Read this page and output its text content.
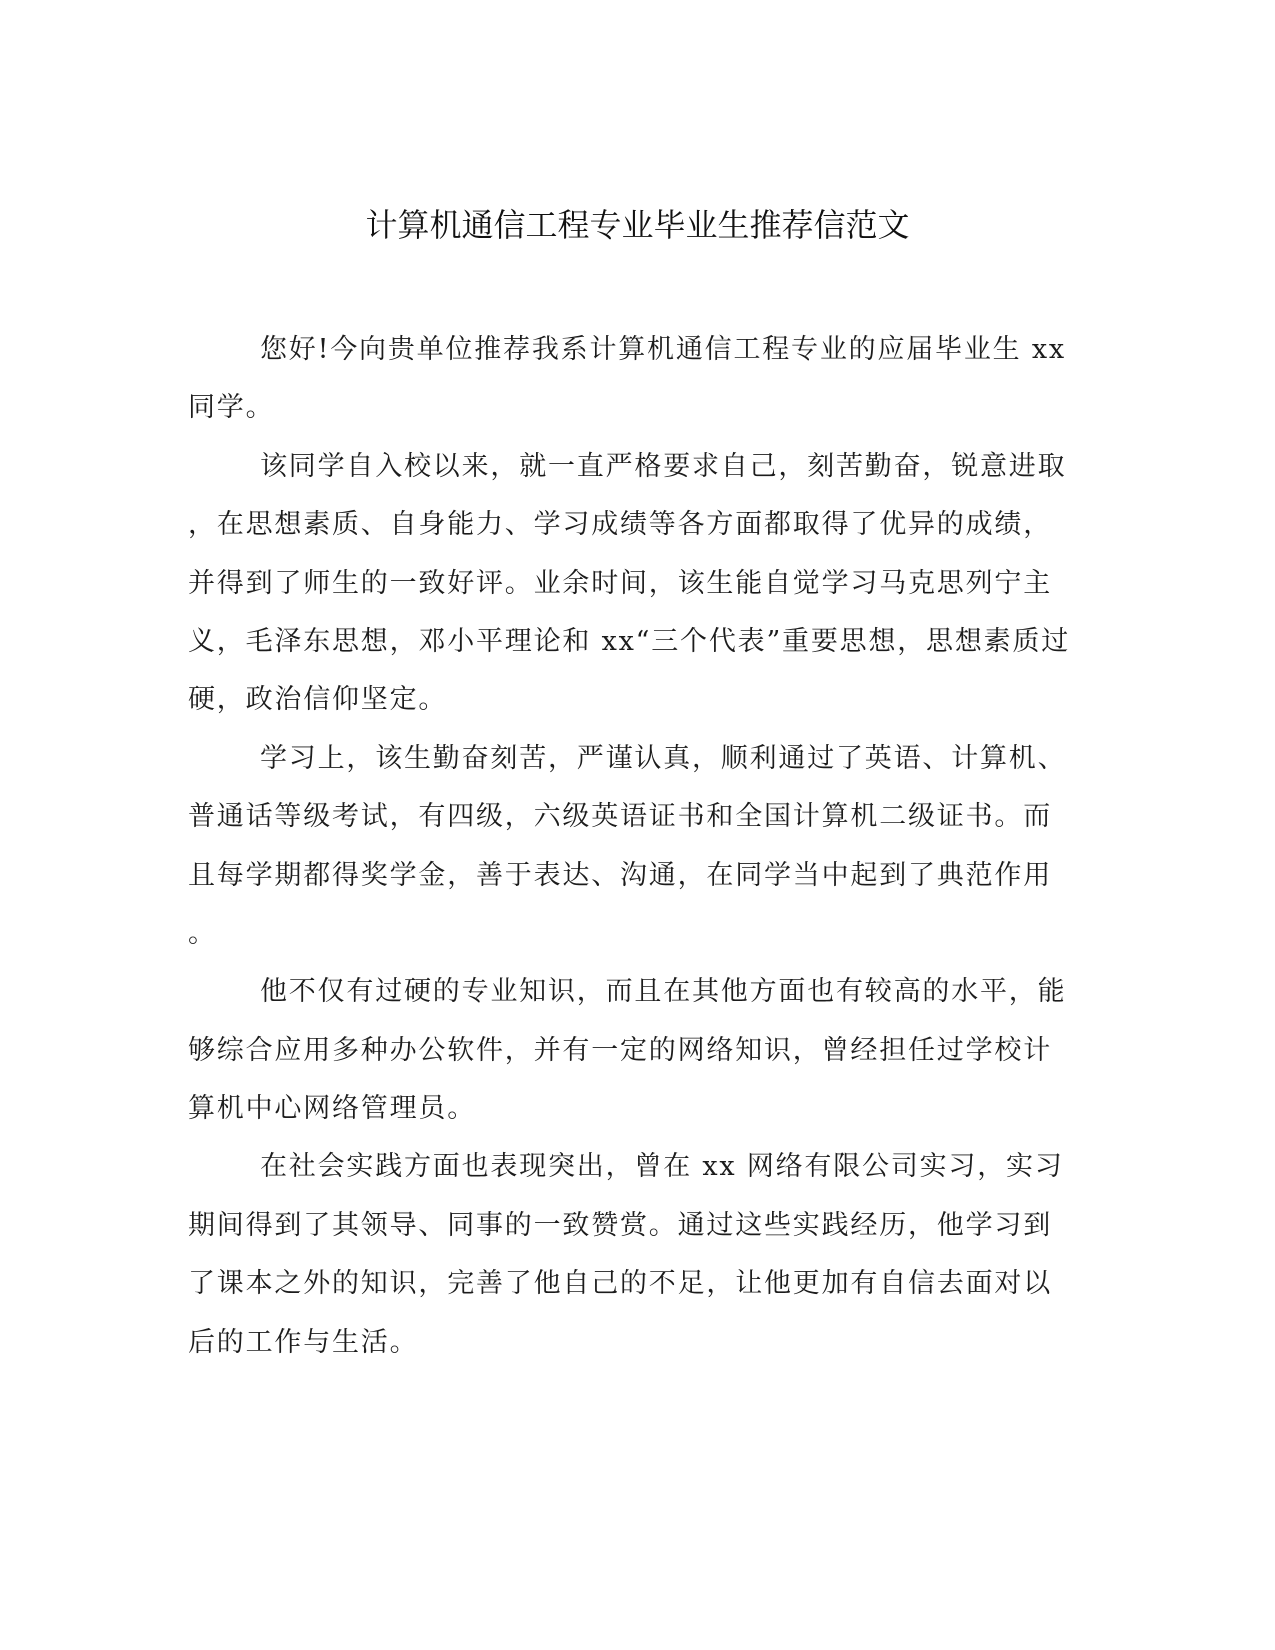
计算机通信工程专业毕业生推荐信范文
您好!今向贵单位推荐我系计算机通信工程专业的应届毕业生 xx
同学。
该同学自入校以来，就一直严格要求自己，刻苦勤奋，锐意进取
，在思想素质、自身能力、学习成绩等各方面都取得了优异的成绩，
并得到了师生的一致好评。业余时间，该生能自觉学习马克思列宁主
义，毛泽东思想，邓小平理论和 xx“三个代表”重要思想，思想素质过
硬，政治信仰坚定。
学习上，该生勤奋刻苦，严谨认真，顺利通过了英语、计算机、
普通话等级考试，有四级，六级英语证书和全国计算机二级证书。而
且每学期都得奖学金，善于表达、沟通，在同学当中起到了典范作用
。
他不仅有过硬的专业知识，而且在其他方面也有较高的水平，能
够综合应用多种办公软件，并有一定的网络知识，曾经担任过学校计
算机中心网络管理员。
在社会实践方面也表现突出，曾在 xx 网络有限公司实习，实习
期间得到了其领导、同事的一致赞赏。通过这些实践经历，他学习到
了课本之外的知识，完善了他自己的不足，让他更加有自信去面对以
后的工作与生活。
